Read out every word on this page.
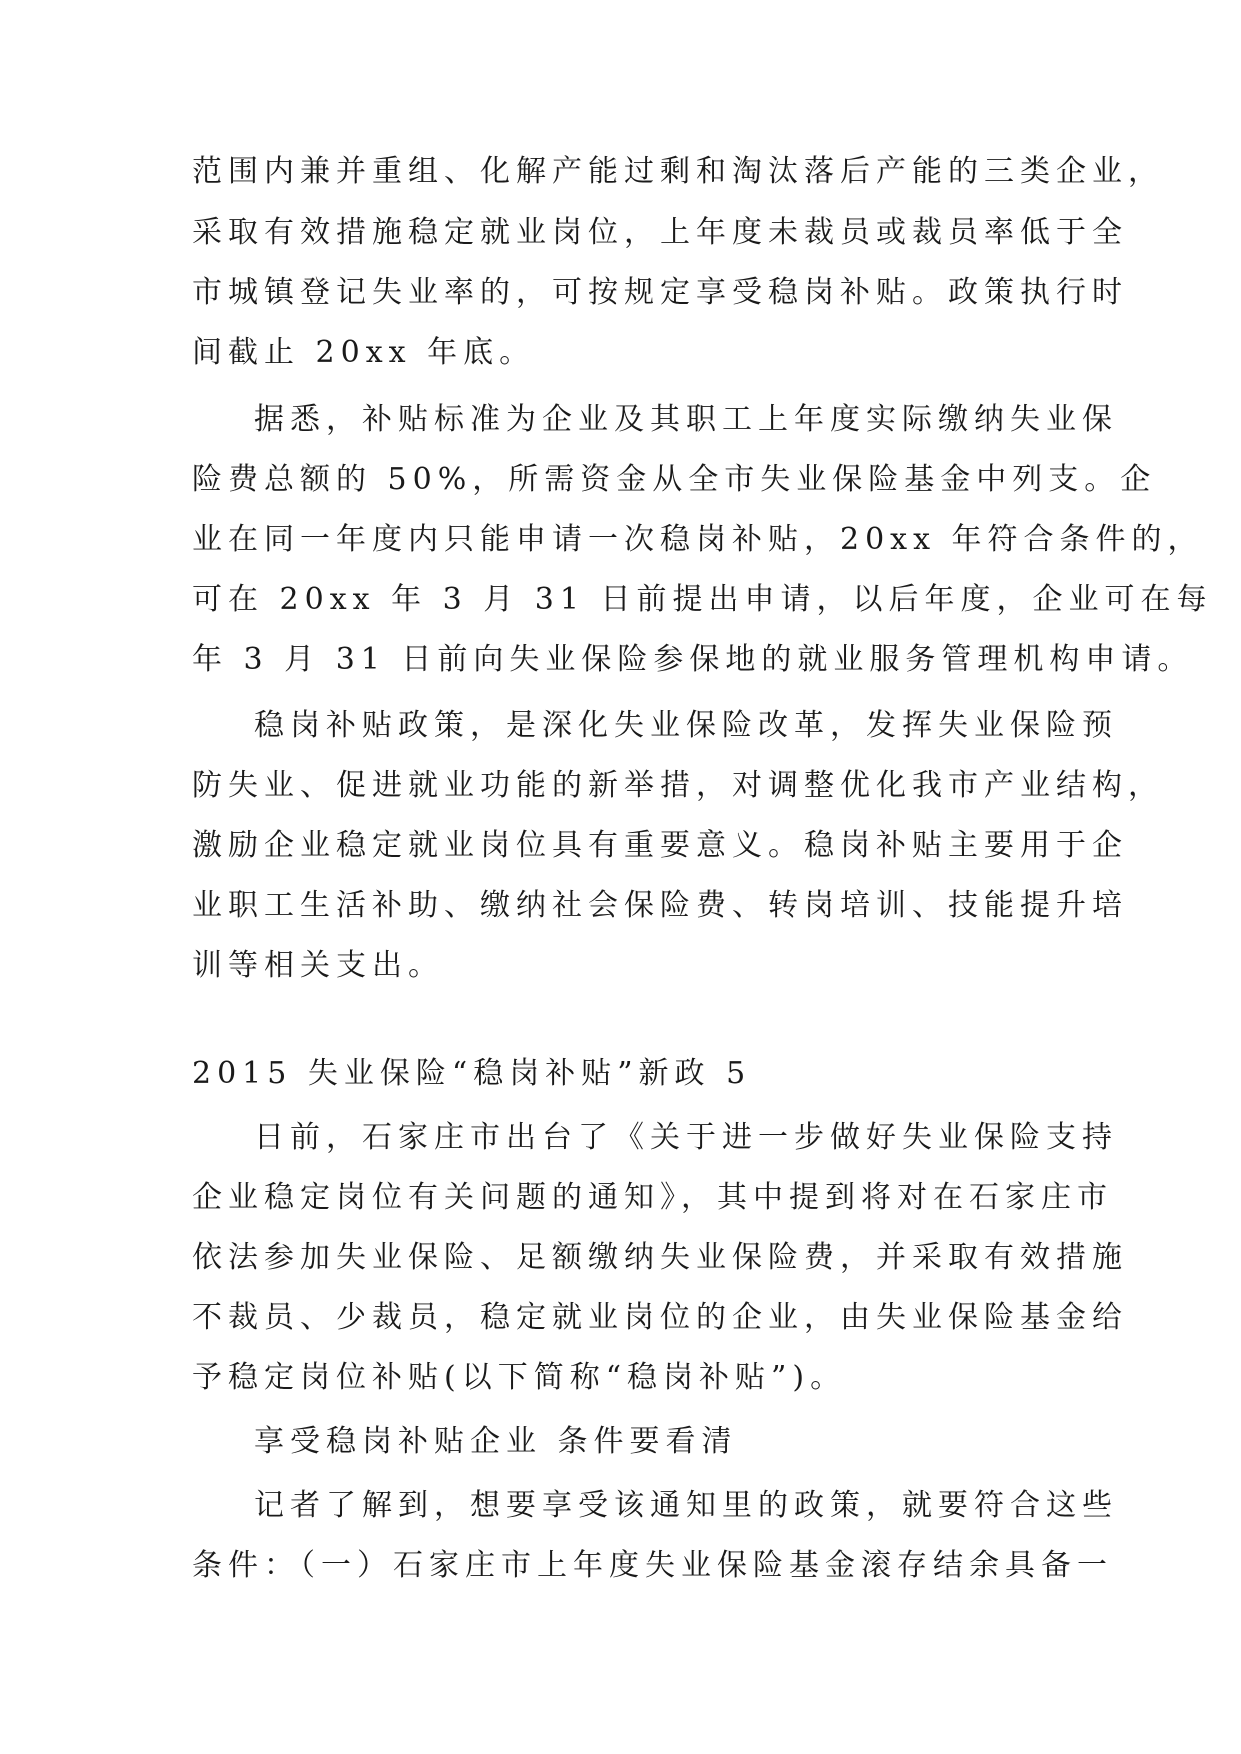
范围内兼并重组、化解产能过剩和淘汰落后产能的三类企业，
采取有效措施稳定就业岗位，上年度未裁员或裁员率低于全
市城镇登记失业率的，可按规定享受稳岗补贴。政策执行时
间截止 20xx 年底。
据悉，补贴标准为企业及其职工上年度实际缴纳失业保
险费总额的 50%，所需资金从全市失业保险基金中列支。企
业在同一年度内只能申请一次稳岗补贴，20xx 年符合条件的，
可在 20xx 年 3 月 31 日前提出申请，以后年度，企业可在每
年 3 月 31 日前向失业保险参保地的就业服务管理机构申请。
稳岗补贴政策，是深化失业保险改革，发挥失业保险预
防失业、促进就业功能的新举措，对调整优化我市产业结构，
激励企业稳定就业岗位具有重要意义。稳岗补贴主要用于企
业职工生活补助、缴纳社会保险费、转岗培训、技能提升培
训等相关支出。
2015 失业保险“稳岗补贴”新政 5
日前，石家庄市出台了《关于进一步做好失业保险支持
企业稳定岗位有关问题的通知》，其中提到将对在石家庄市
依法参加失业保险、足额缴纳失业保险费，并采取有效措施
不裁员、少裁员，稳定就业岗位的企业，由失业保险基金给
予稳定岗位补贴(以下简称“稳岗补贴”)。
享受稳岗补贴企业 条件要看清
记者了解到，想要享受该通知里的政策，就要符合这些
条件：（一）石家庄市上年度失业保险基金滚存结余具备一
